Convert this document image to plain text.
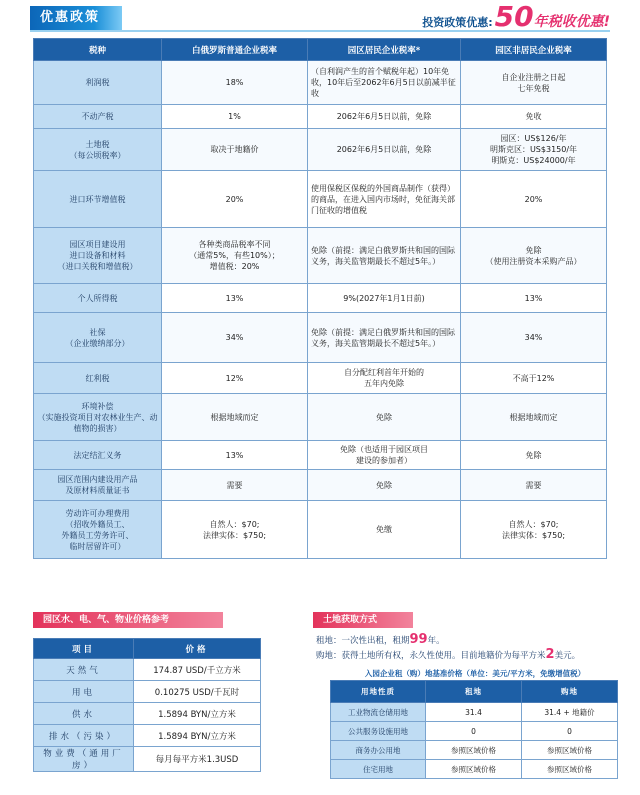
优惠政策	投资政策优惠: 50 年税收优惠!
税种	白俄罗斯普通企业税率	园区居民企业税率*	园区非居民企业税率
利润税	18%	（自利润产生的首个赋税年起）10年免收，10年后至2062年6月5日以前减半征收	自企业注册之日起
七年免税
不动产税	1%	2062年6月5日以前，免除	免收
土地税
（每公顷税率）	取决于地籍价	2062年6月5日以前，免除	园区：US$126/年
明斯克区：US$3150/年
明斯克：US$24000/年
进口环节增值税	20%	使用保税区保税的外国商品制作（获得）的商品，在进入国内市场时，免征海关部门征收的增值税	20%
园区项目建设用
进口设备和材料
（进口关税和增值税）	各种类商品税率不同
（通常5%，有些10%）；
增值税：20%	免除（前提：满足白俄罗斯共和国的国际义务，海关监管期最长不超过5年。）	免除
（使用注册资本采购产品）
个人所得税	13%	9%(2027年1月1日前)	13%
社保
（企业缴纳部分）	34%	免除（前提：满足白俄罗斯共和国的国际义务，海关监管期最长不超过5年。）	34%
红利税	12%	自分配红利首年开始的
五年内免除	不高于12%
环境补偿
（实施投资项目对农林业生产、动植物的损害）	根据地域而定	免除	根据地域而定
法定结汇义务	13%	免除（也适用于园区项目
建设的参加者）	免除
园区范围内建设用产品
及原材料质量证书	需要	免除	需要
劳动许可办理费用
（招收外籍员工、
外籍员工劳务许可、
临时居留许可）	自然人：$70;
法律实体：$750;	免缴	自然人：$70;
法律实体：$750;
园区水、电、气、物业价格参考
项目	价格
天然气	174.87 USD/千立方米
用电	0.10275 USD/千瓦时
供水	1.5894 BYN/立方米
排水（污染）	1.5894 BYN/立方米
物业费（通用厂房）	每月每平方米1.3USD
土地获取方式
租地：一次性出租，租期99年。
购地：获得土地所有权，永久性使用。目前地籍价为每平方米2美元。
入园企业租（购）地基准价格（单位：美元/平方米，免缴增值税）
用地性质	租地	购地
工业物流仓储用地	31.4	31.4 + 地籍价
公共服务设施用地	0	0
商务办公用地	参照区域价格	参照区域价格
住宅用地	参照区域价格	参照区域价格
